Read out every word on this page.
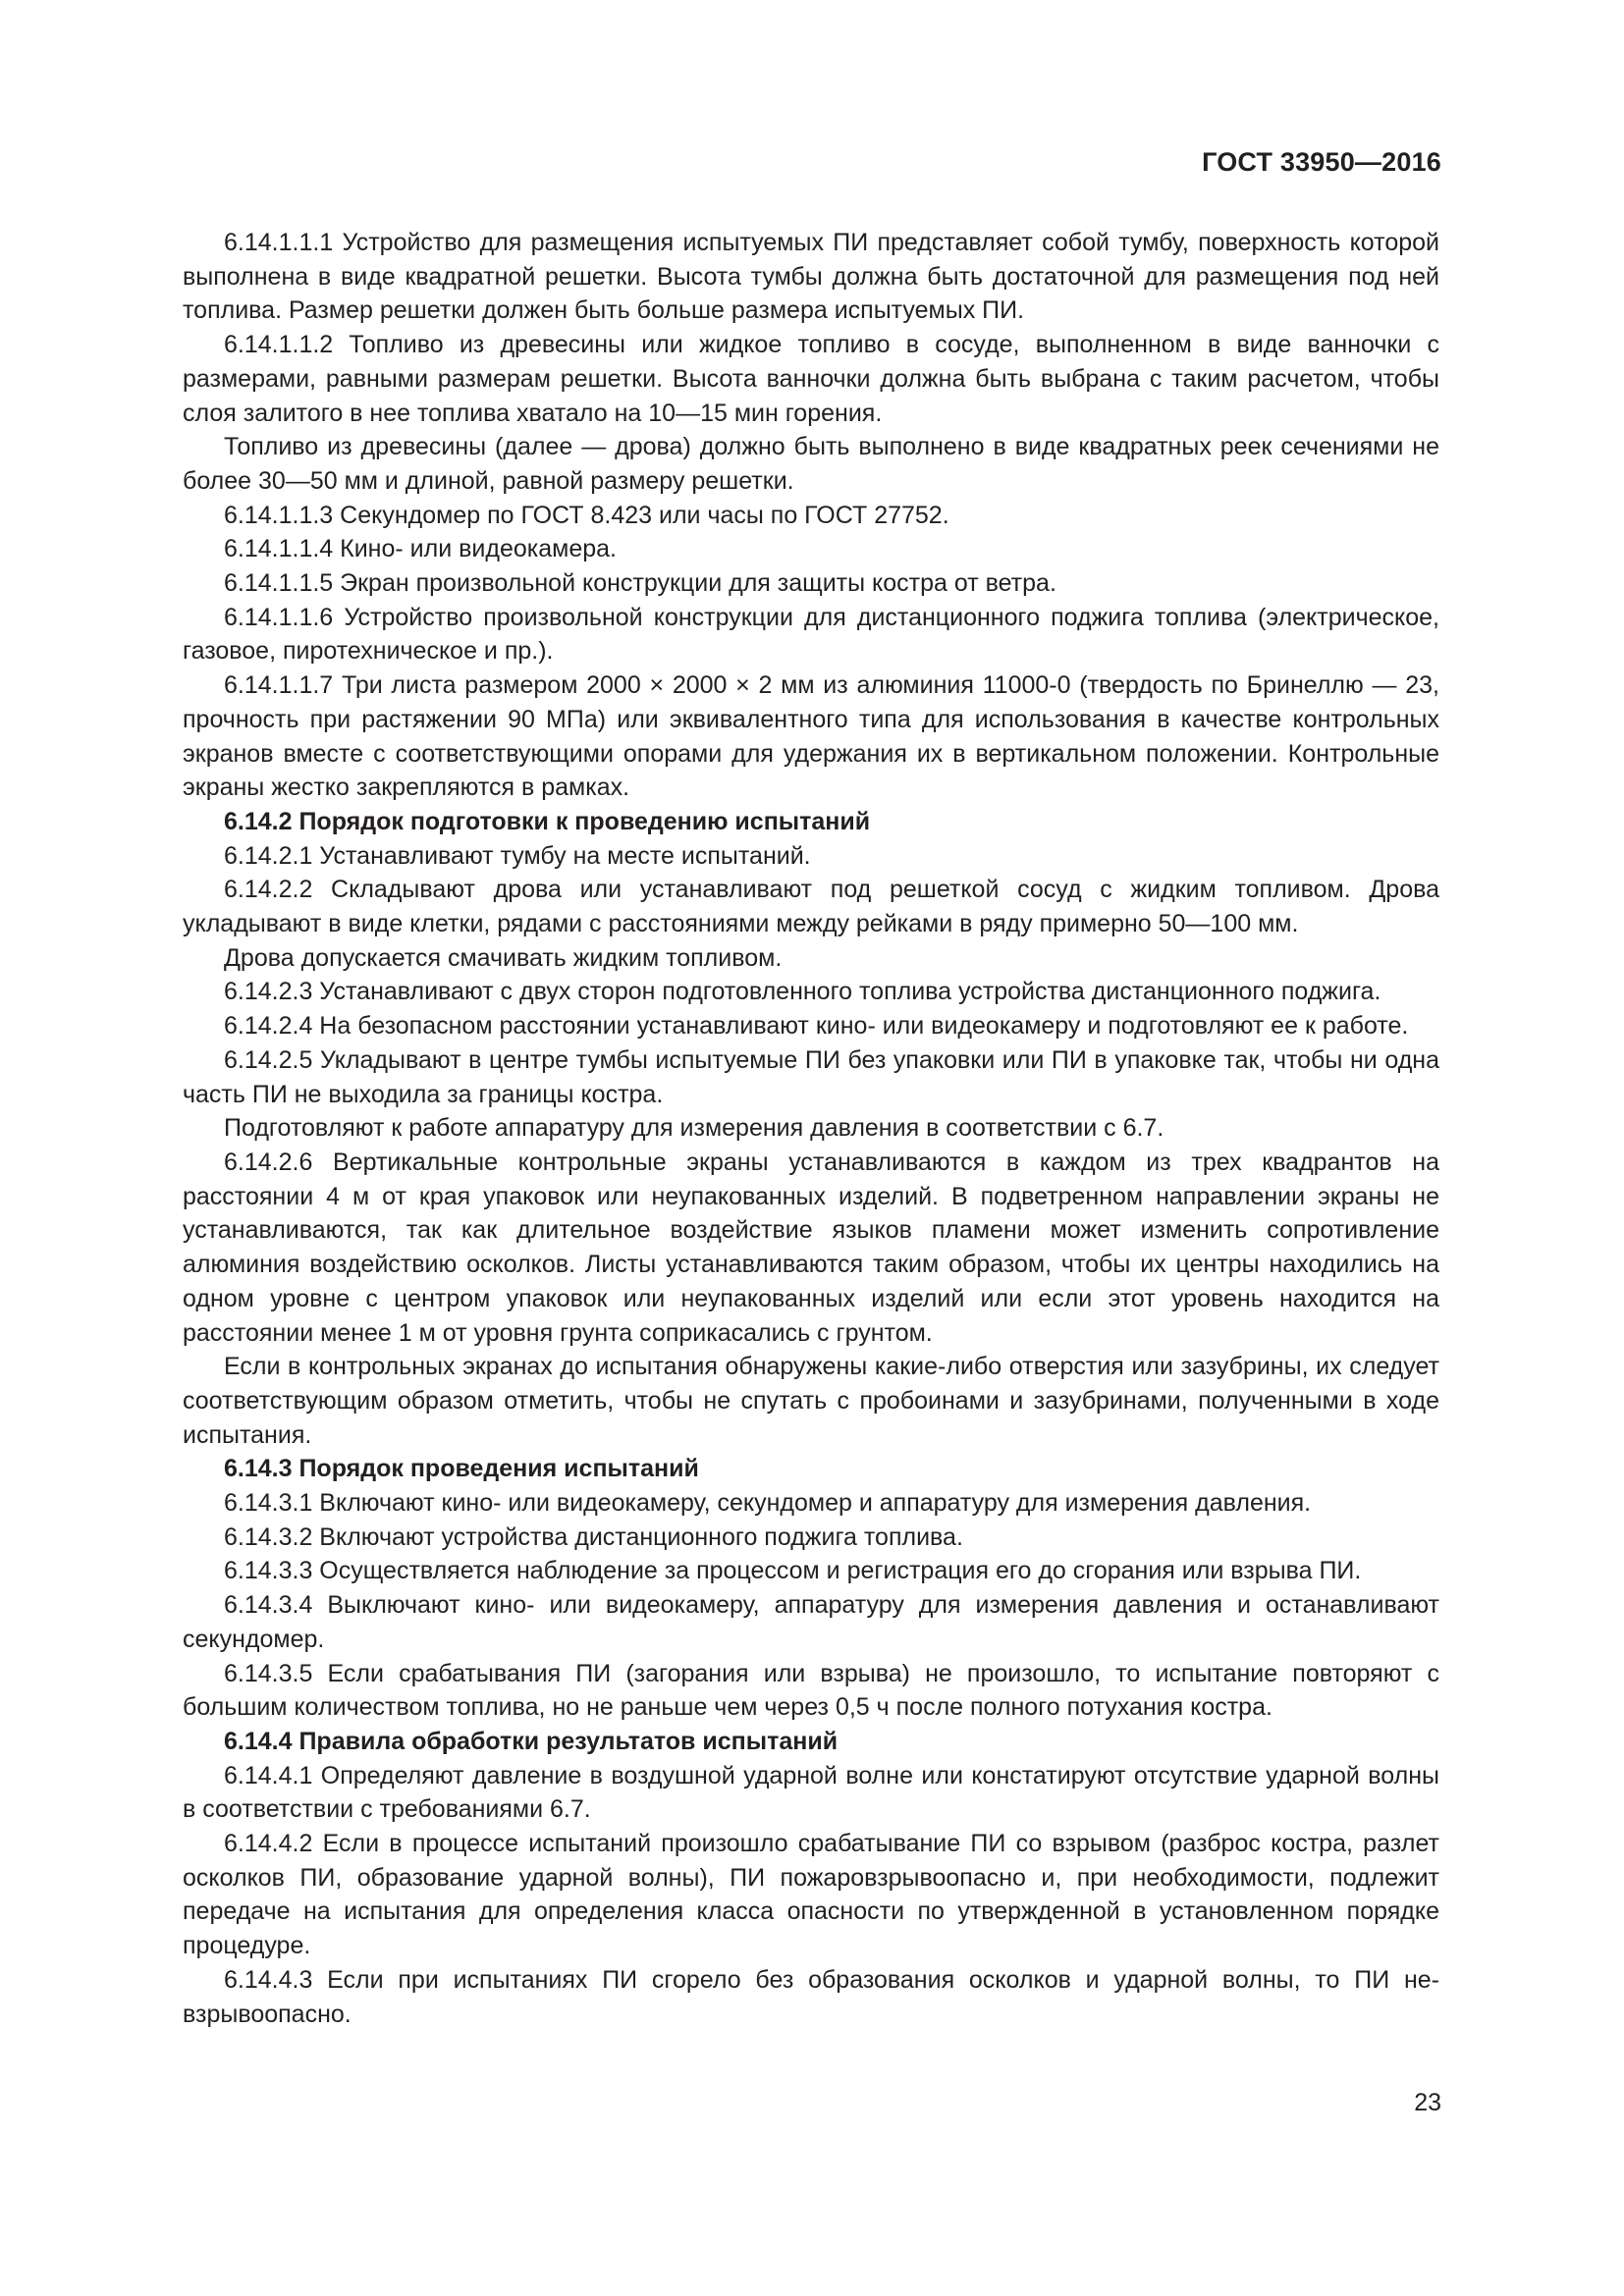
ГОСТ 33950—2016

6.14.1.1.1 Устройство для размещения испытуемых ПИ представляет собой тумбу, поверхность которой выполнена в виде квадратной решетки. Высота тумбы должна быть достаточной для размещения под ней топлива. Размер решетки должен быть больше размера испытуемых ПИ.

6.14.1.1.2 Топливо из древесины или жидкое топливо в сосуде, выполненном в виде ванночки с размерами, равными размерам решетки. Высота ванночки должна быть выбрана с таким расчетом, чтобы слоя залитого в нее топлива хватало на 10—15 мин горения.

Топливо из древесины (далее — дрова) должно быть выполнено в виде квадратных реек сечениями не более 30—50 мм и длиной, равной размеру решетки.

6.14.1.1.3 Секундомер по ГОСТ 8.423 или часы по ГОСТ 27752.

6.14.1.1.4 Кино- или видеокамера.

6.14.1.1.5 Экран произвольной конструкции для защиты костра от ветра.

6.14.1.1.6 Устройство произвольной конструкции для дистанционного поджига топлива (электрическое, газовое, пиротехническое и пр.).

6.14.1.1.7 Три листа размером 2000 × 2000 × 2 мм из алюминия 11000-0 (твердость по Бринеллю — 23, прочность при растяжении 90 МПа) или эквивалентного типа для использования в качестве контрольных экранов вместе с соответствующими опорами для удержания их в вертикальном положении. Контрольные экраны жестко закрепляются в рамках.

6.14.2 Порядок подготовки к проведению испытаний

6.14.2.1 Устанавливают тумбу на месте испытаний.

6.14.2.2 Складывают дрова или устанавливают под решеткой сосуд с жидким топливом. Дрова укладывают в виде клетки, рядами с расстояниями между рейками в ряду примерно 50—100 мм.

Дрова допускается смачивать жидким топливом.

6.14.2.3 Устанавливают с двух сторон подготовленного топлива устройства дистанционного поджига.

6.14.2.4 На безопасном расстоянии устанавливают кино- или видеокамеру и подготовляют ее к работе.

6.14.2.5 Укладывают в центре тумбы испытуемые ПИ без упаковки или ПИ в упаковке так, чтобы ни одна часть ПИ не выходила за границы костра.

Подготовляют к работе аппаратуру для измерения давления в соответствии с 6.7.

6.14.2.6 Вертикальные контрольные экраны устанавливаются в каждом из трех квадрантов на расстоянии 4 м от края упаковок или неупакованных изделий. В подветренном направлении экраны не устанавливаются, так как длительное воздействие языков пламени может изменить сопротивление алюминия воздействию осколков. Листы устанавливаются таким образом, чтобы их центры находились на одном уровне с центром упаковок или неупакованных изделий или если этот уровень находится на расстоянии менее 1 м от уровня грунта соприкасались с грунтом.

Если в контрольных экранах до испытания обнаружены какие-либо отверстия или зазубрины, их следует соответствующим образом отметить, чтобы не спутать с пробоинами и зазубринами, полученными в ходе испытания.

6.14.3 Порядок проведения испытаний

6.14.3.1 Включают кино- или видеокамеру, секундомер и аппаратуру для измерения давления.

6.14.3.2 Включают устройства дистанционного поджига топлива.

6.14.3.3 Осуществляется наблюдение за процессом и регистрация его до сгорания или взрыва ПИ.

6.14.3.4 Выключают кино- или видеокамеру, аппаратуру для измерения давления и останавливают секундомер.

6.14.3.5 Если срабатывания ПИ (загорания или взрыва) не произошло, то испытание повторяют с большим количеством топлива, но не раньше чем через 0,5 ч после полного потухания костра.

6.14.4 Правила обработки результатов испытаний

6.14.4.1 Определяют давление в воздушной ударной волне или констатируют отсутствие ударной волны в соответствии с требованиями 6.7.

6.14.4.2 Если в процессе испытаний произошло срабатывание ПИ со взрывом (разброс костра, разлет осколков ПИ, образование ударной волны), ПИ пожаровзрывоопасно и, при необходимости, подлежит передаче на испытания для определения класса опасности по утвержденной в установленном порядке процедуре.

6.14.4.3 Если при испытаниях ПИ сгорело без образования осколков и ударной волны, то ПИ невзрывоопасно.

23
